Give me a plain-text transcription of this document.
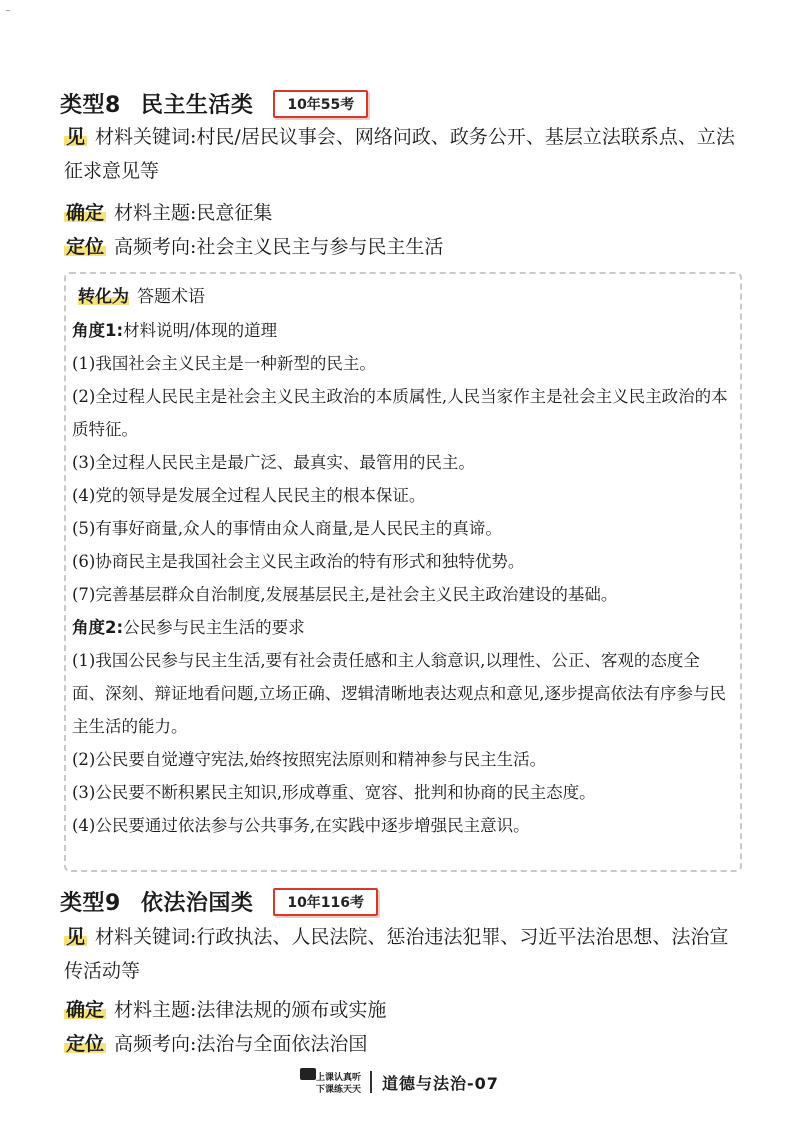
~
类型8 民主生活类	10年55考
见 材料关键词:村民/居民议事会、网络问政、政务公开、基层立法联系点、立法征求意见等
确定 材料主题:民意征集
定位 高频考向:社会主义民主与参与民主生活
转化为 答题术语
角度1:材料说明/体现的道理

(1)我国社会主义民主是一种新型的民主。

(2)全过程人民民主是社会主义民主政治的本质属性,人民当家作主是社会主义民主政治的本质特征。

(3)全过程人民民主是最广泛、最真实、最管用的民主。

(4)党的领导是发展全过程人民民主的根本保证。

(5)有事好商量,众人的事情由众人商量,是人民民主的真谛。

(6)协商民主是我国社会主义民主政治的特有形式和独特优势。

(7)完善基层群众自治制度,发展基层民主,是社会主义民主政治建设的基础。

角度2:公民参与民主生活的要求

(1)我国公民参与民主生活,要有社会责任感和主人翁意识,以理性、公正、客观的态度全面、深刻、辩证地看问题,立场正确、逻辑清晰地表达观点和意见,逐步提高依法有序参与民主生活的能力。

(2)公民要自觉遵守宪法,始终按照宪法原则和精神参与民主生活。

(3)公民要不断积累民主知识,形成尊重、宽容、批判和协商的民主态度。

(4)公民要通过依法参与公共事务,在实践中逐步增强民主意识。

类型9 依法治国类	10年116考
见 材料关键词:行政执法、人民法院、惩治违法犯罪、习近平法治思想、法治宣传活动等
确定 材料主题:法律法规的颁布或实施
定位 高频考向:法治与全面依法治国
上课认真听
下课练天天 道德与法治-07
